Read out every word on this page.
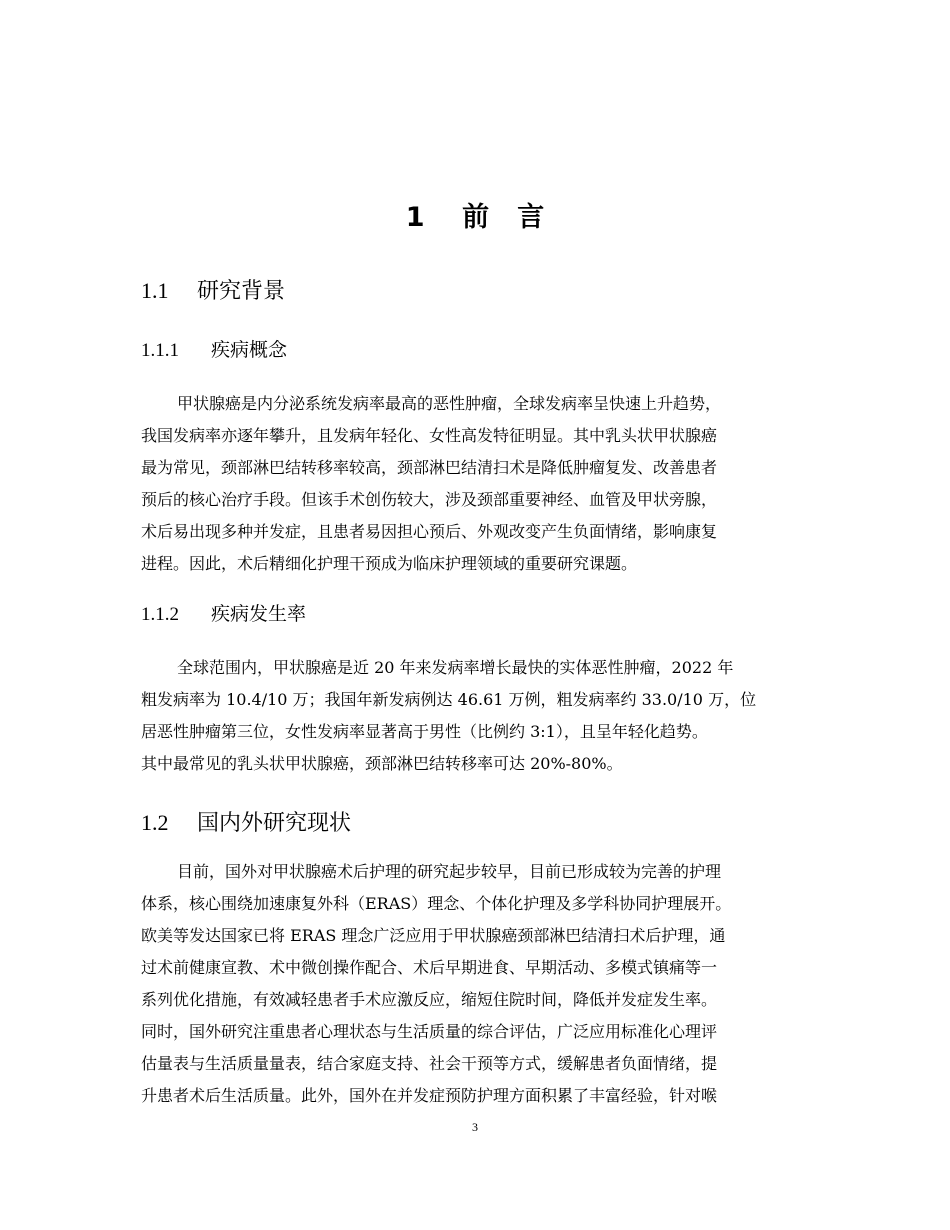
1    前   言
1.1 研究背景
1.1.1 疾病概念
甲状腺癌是内分泌系统发病率最高的恶性肿瘤，全球发病率呈快速上升趋势，
我国发病率亦逐年攀升，且发病年轻化、女性高发特征明显。其中乳头状甲状腺癌
最为常见，颈部淋巴结转移率较高，颈部淋巴结清扫术是降低肿瘤复发、改善患者
预后的核心治疗手段。但该手术创伤较大，涉及颈部重要神经、血管及甲状旁腺，
术后易出现多种并发症，且患者易因担心预后、外观改变产生负面情绪，影响康复
进程。因此，术后精细化护理干预成为临床护理领域的重要研究课题。
1.1.2 疾病发生率
全球范围内，甲状腺癌是近 20 年来发病率增长最快的实体恶性肿瘤，2022 年
粗发病率为 10.4/10 万；我国年新发病例达 46.61 万例，粗发病率约 33.0/10 万，位
居恶性肿瘤第三位，女性发病率显著高于男性（比例约 3:1），且呈年轻化趋势。
其中最常见的乳头状甲状腺癌，颈部淋巴结转移率可达 20%-80%。
1.2 国内外研究现状
目前，国外对甲状腺癌术后护理的研究起步较早，目前已形成较为完善的护理
体系，核心围绕加速康复外科（ERAS）理念、个体化护理及多学科协同护理展开。
欧美等发达国家已将 ERAS 理念广泛应用于甲状腺癌颈部淋巴结清扫术后护理，通
过术前健康宣教、术中微创操作配合、术后早期进食、早期活动、多模式镇痛等一
系列优化措施，有效减轻患者手术应激反应，缩短住院时间，降低并发症发生率。
同时，国外研究注重患者心理状态与生活质量的综合评估，广泛应用标准化心理评
估量表与生活质量量表，结合家庭支持、社会干预等方式，缓解患者负面情绪，提
升患者术后生活质量。此外，国外在并发症预防护理方面积累了丰富经验，针对喉
3
